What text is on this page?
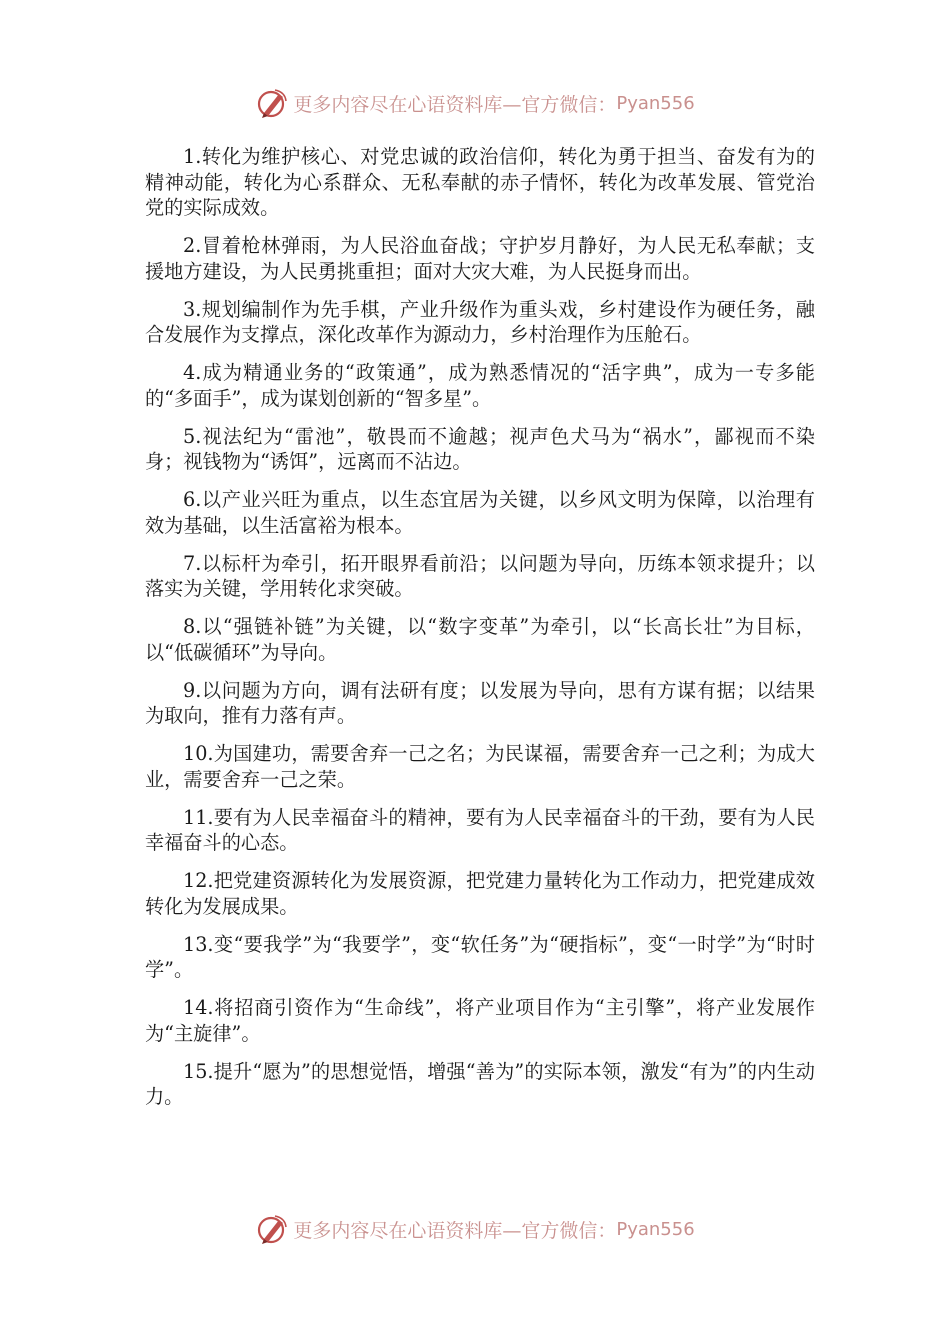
更多内容尽在心语资料库—官方微信： Pyan556

1.转化为维护核心、对党忠诚的政治信仰，转化为勇于担当、奋发有为的精神动能，转化为心系群众、无私奉献的赤子情怀，转化为改革发展、管党治党的实际成效。

2.冒着枪林弹雨，为人民浴血奋战；守护岁月静好，为人民无私奉献；支援地方建设，为人民勇挑重担；面对大灾大难，为人民挺身而出。

3.规划编制作为先手棋，产业升级作为重头戏，乡村建设作为硬任务，融合发展作为支撑点，深化改革作为源动力，乡村治理作为压舱石。

4.成为精通业务的“政策通”，成为熟悉情况的“活字典”，成为一专多能的“多面手”，成为谋划创新的“智多星”。

5.视法纪为“雷池”，敬畏而不逾越；视声色犬马为“祸水”，鄙视而不染身；视钱物为“诱饵”，远离而不沾边。

6.以产业兴旺为重点，以生态宜居为关键，以乡风文明为保障，以治理有效为基础，以生活富裕为根本。

7.以标杆为牵引，拓开眼界看前沿；以问题为导向，历练本领求提升；以落实为关键，学用转化求突破。

8.以“强链补链”为关键，以“数字变革”为牵引，以“长高长壮”为目标，以“低碳循环”为导向。

9.以问题为方向，调有法研有度；以发展为导向，思有方谋有据；以结果为取向，推有力落有声。

10.为国建功，需要舍弃一己之名；为民谋福，需要舍弃一己之利；为成大业，需要舍弃一己之荣。

11.要有为人民幸福奋斗的精神，要有为人民幸福奋斗的干劲，要有为人民幸福奋斗的心态。

12.把党建资源转化为发展资源，把党建力量转化为工作动力，把党建成效转化为发展成果。

13.变“要我学”为“我要学”，变“软任务”为“硬指标”，变“一时学”为“时时学”。

14.将招商引资作为“生命线”，将产业项目作为“主引擎”，将产业发展作为“主旋律”。

15.提升“愿为”的思想觉悟，增强“善为”的实际本领，激发“有为”的内生动力。

更多内容尽在心语资料库—官方微信： Pyan556
